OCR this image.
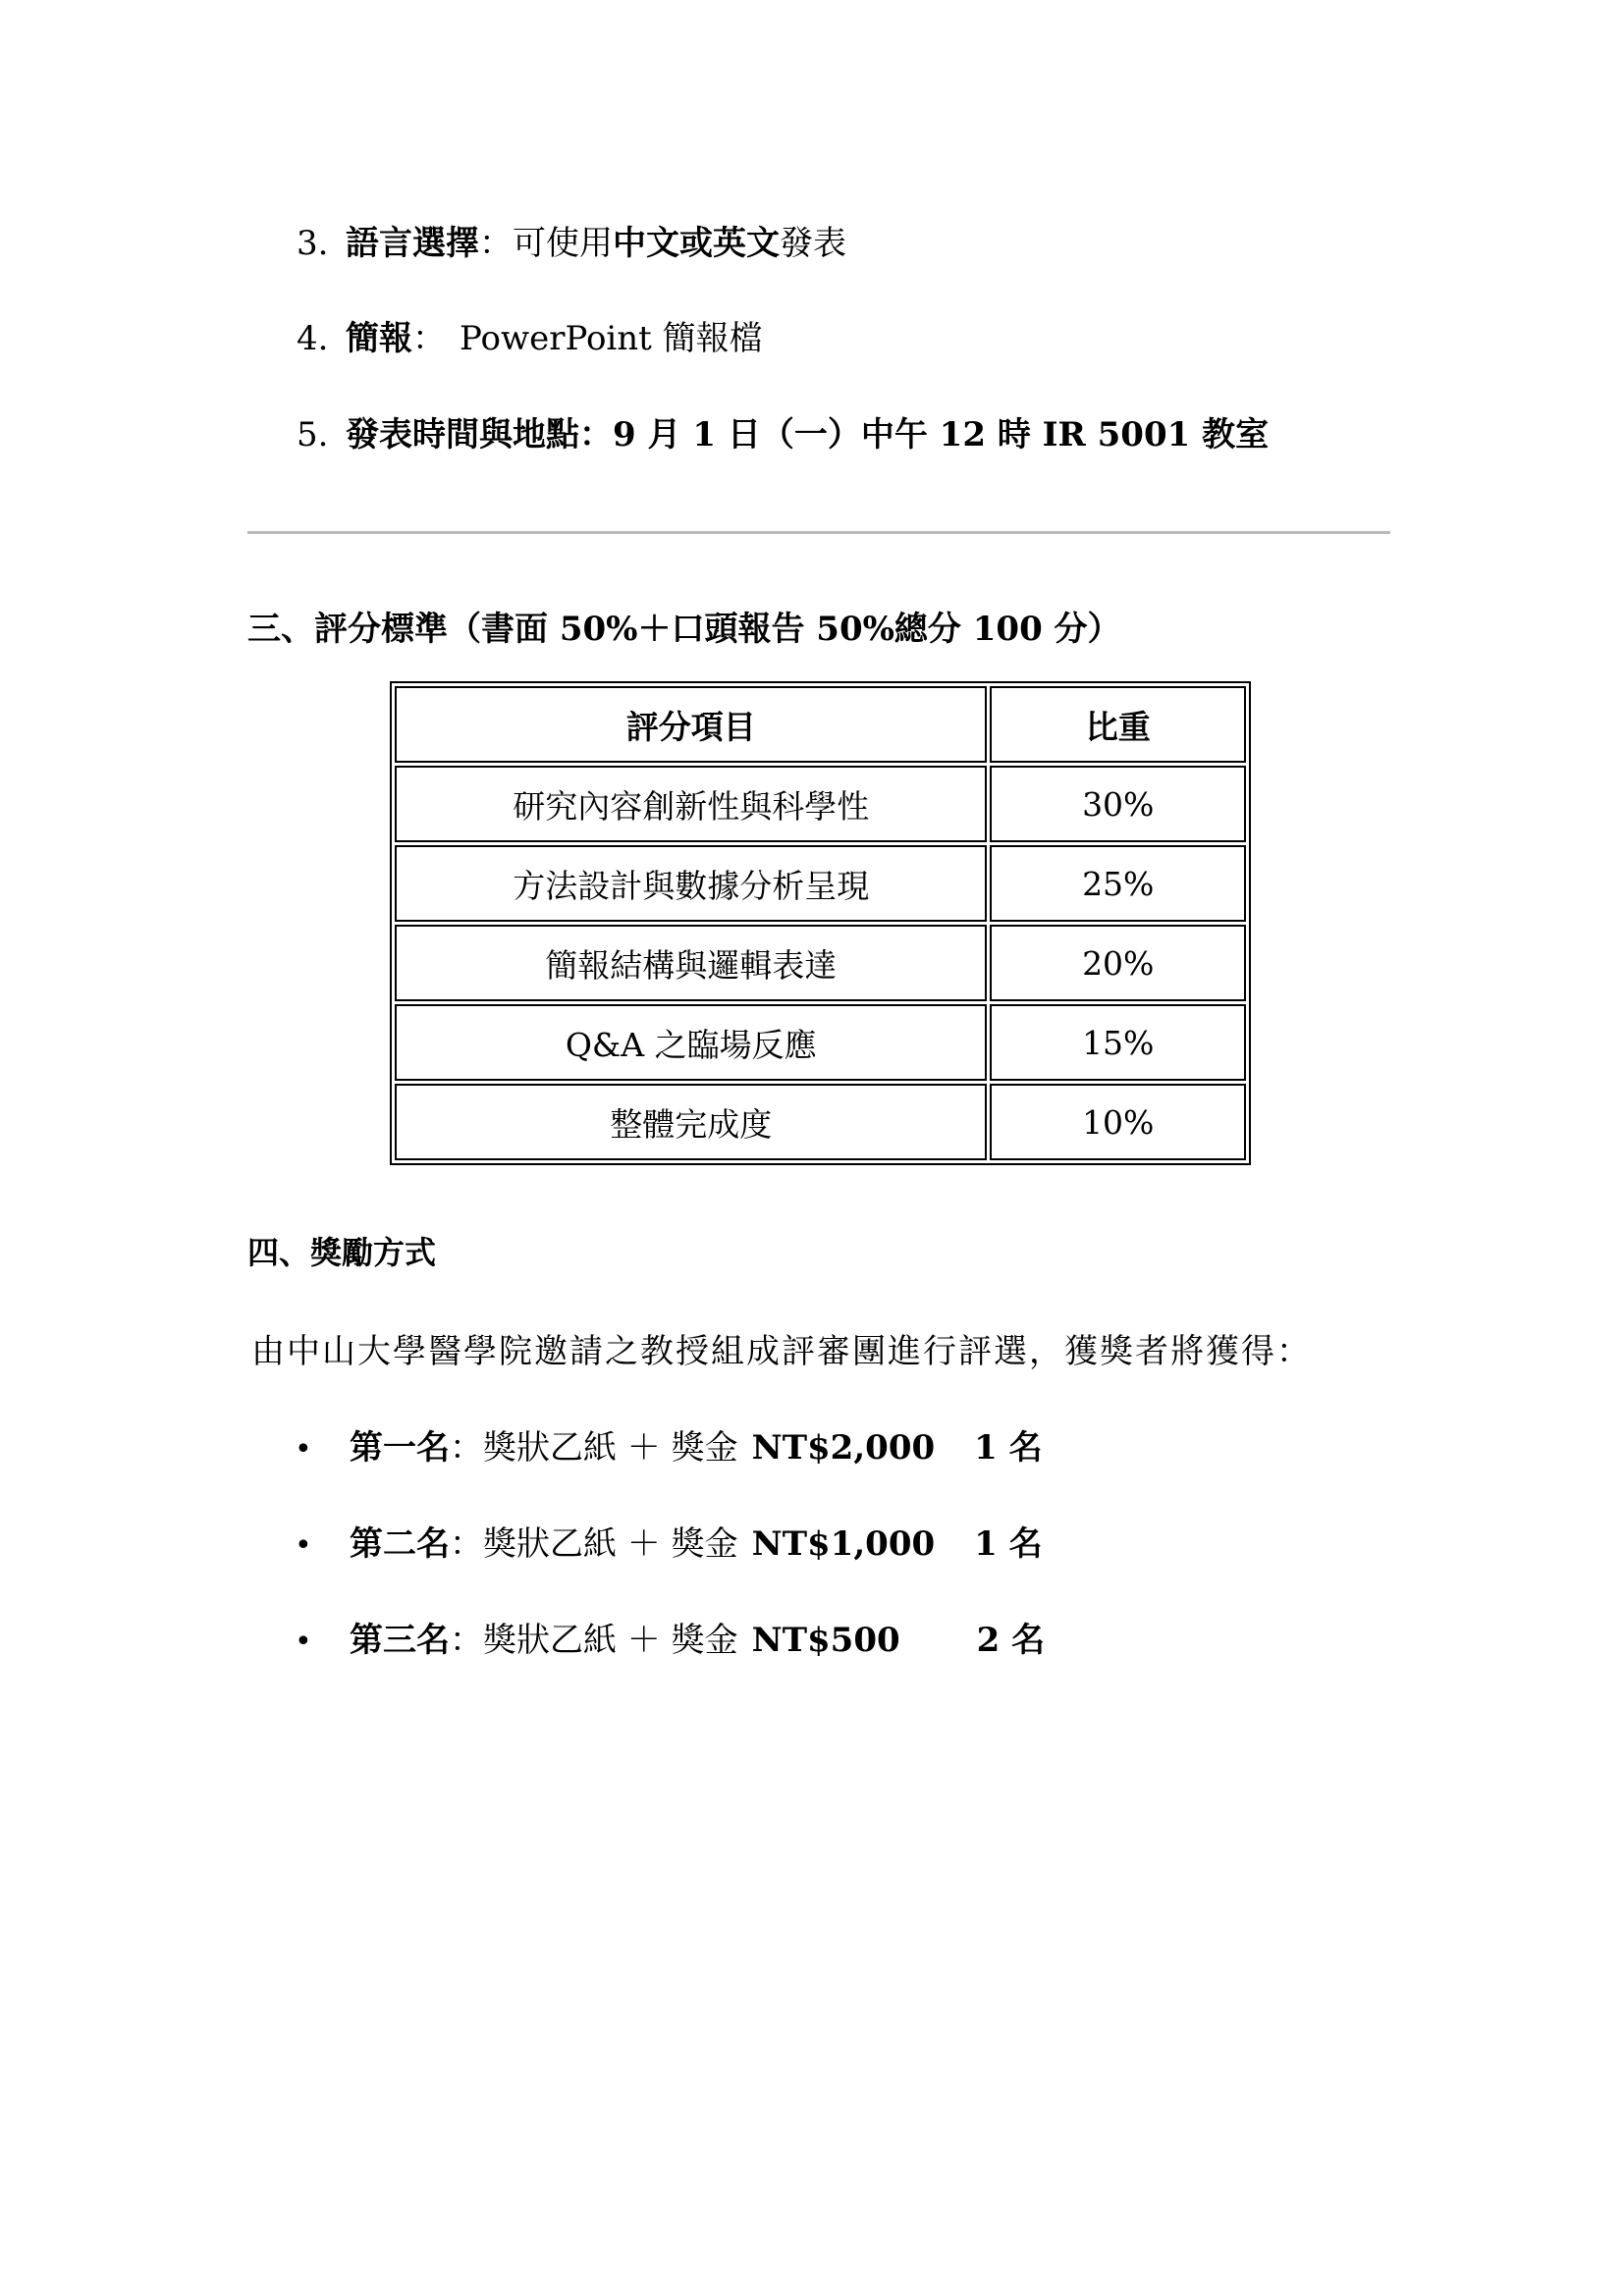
3. 語言選擇：可使用中文或英文發表
4. 簡報： PowerPoint 簡報檔
5. 發表時間與地點：9 月 1 日（一）中午 12 時 IR 5001 教室
三、評分標準（書面 50%＋口頭報告 50%總分 100 分）
評分項目	比重
研究內容創新性與科學性	30%
方法設計與數據分析呈現	25%
簡報結構與邏輯表達	20%
Q&A 之臨場反應	15%
整體完成度	10%
四、獎勵方式
由中山大學醫學院邀請之教授組成評審團進行評選，獲獎者將獲得：
• 第一名：獎狀乙紙 ＋ 獎金 NT$2,000 1 名
• 第二名：獎狀乙紙 ＋ 獎金 NT$1,000 1 名
• 第三名：獎狀乙紙 ＋ 獎金 NT$500 2 名
